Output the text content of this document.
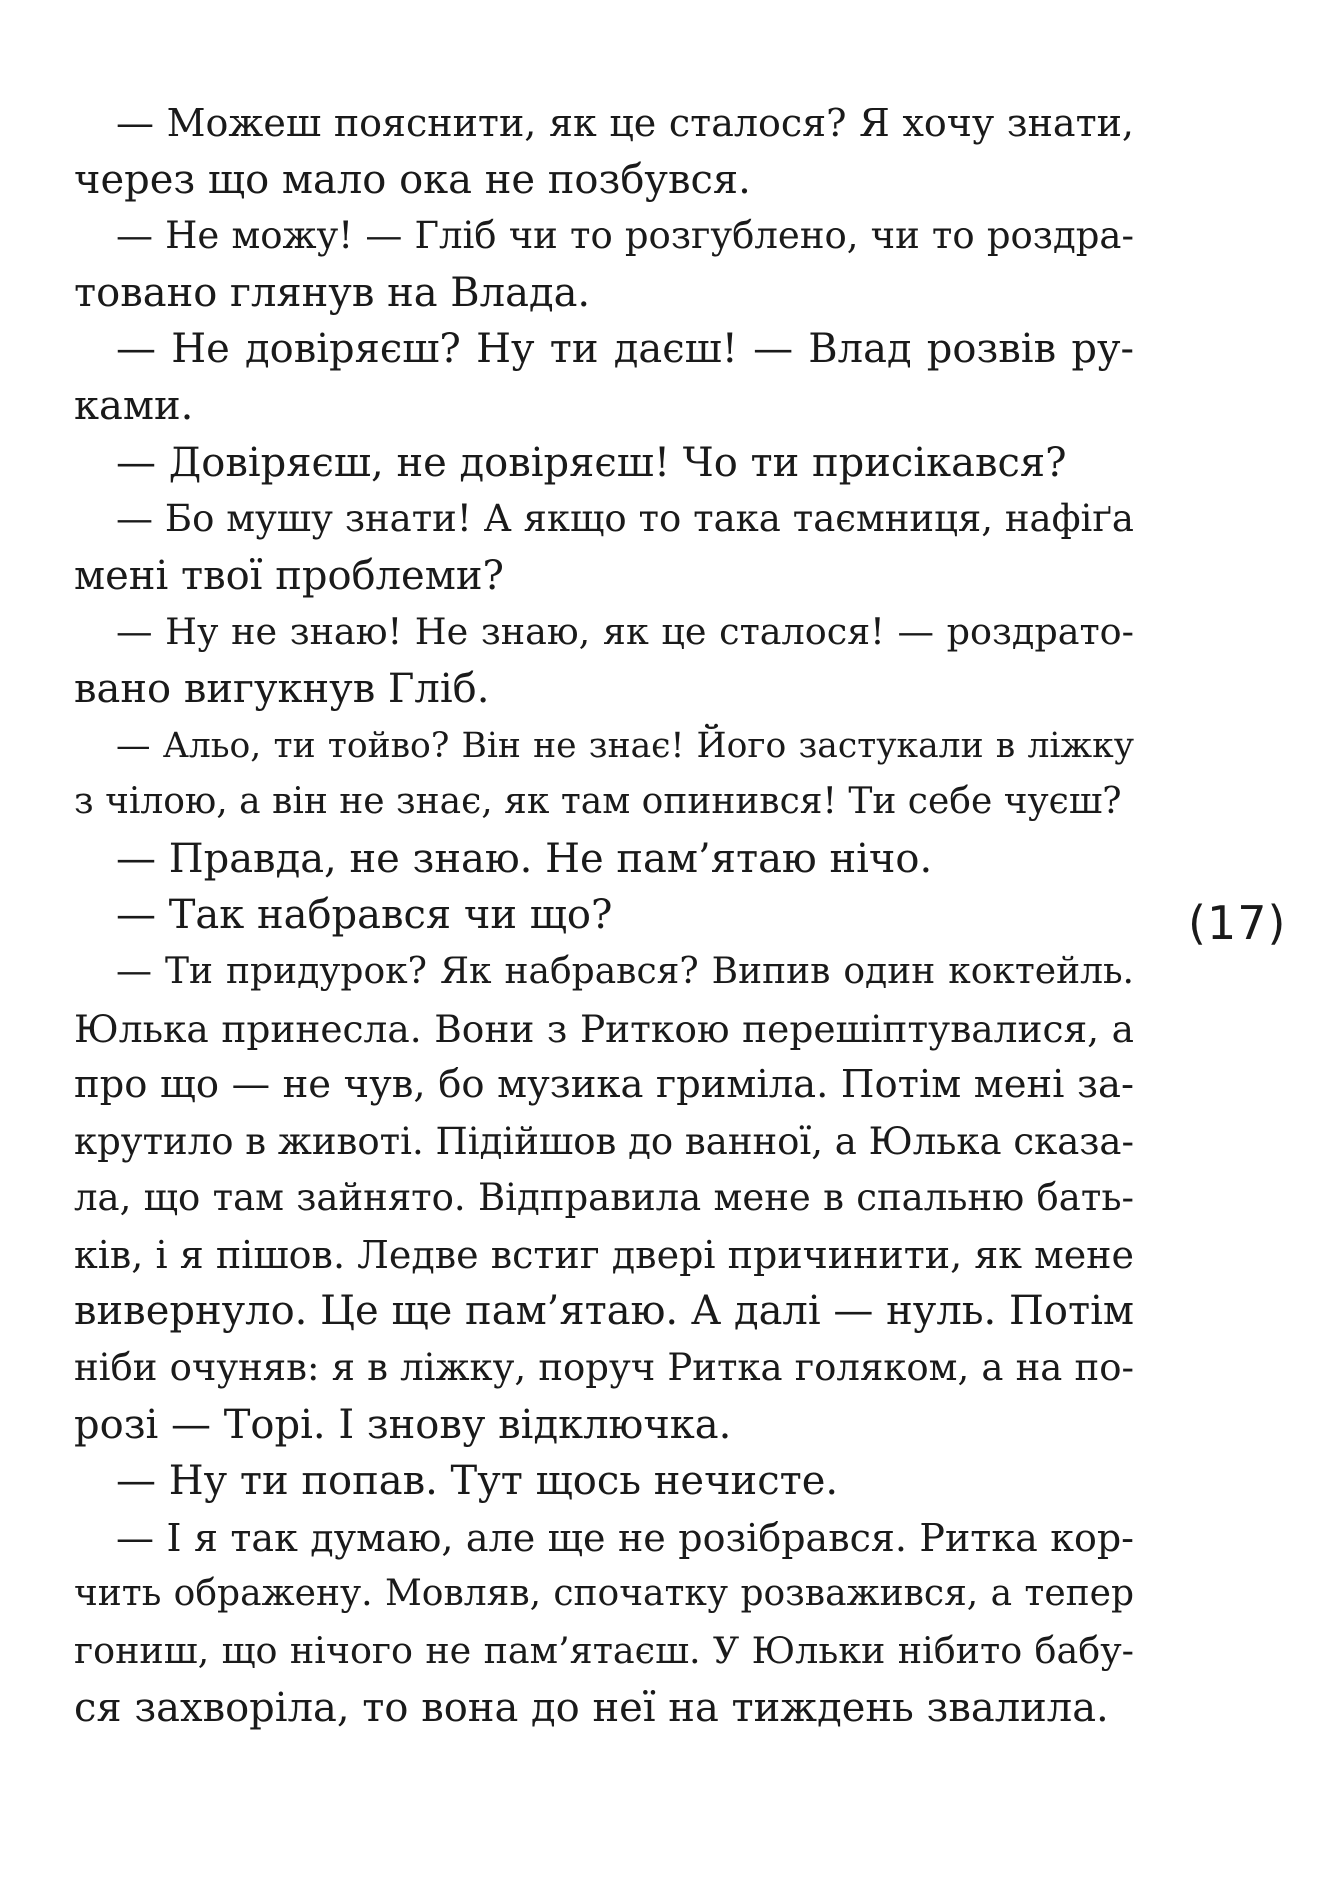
— Можеш пояснити, як це сталося? Я хочу знати,
через що мало ока не позбувся.
— Не можу! — Гліб чи то розгублено, чи то роздра-
товано глянув на Влада.
— Не довіряєш? Ну ти даєш! — Влад розвів ру-
ками.
— Довіряєш, не довіряєш! Чо ти присікався?
— Бо мушу знати! А якщо то така таємниця, нафіґа
мені твої проблеми?
— Ну не знаю! Не знаю, як це сталося! — роздрато-
вано вигукнув Гліб.
— Альо, ти тойво? Він не знає! Його застукали в ліжку
з чілою, а він не знає, як там опинився! Ти себе чуєш?
— Правда, не знаю. Не пам’ятаю нічо.
— Так набрався чи що?
— Ти придурок? Як набрався? Випив один коктейль.
Юлька принесла. Вони з Риткою перешіптувалися, а
про що — не чув, бо музика гриміла. Потім мені за-
крутило в животі. Підійшов до ванної, а Юлька сказа-
ла, що там зайнято. Відправила мене в спальню бать-
ків, і я пішов. Ледве встиг двері причинити, як мене
вивернуло. Це ще пам’ятаю. А далі — нуль. Потім
ніби очуняв: я в ліжку, поруч Ритка голяком, а на по-
розі — Торі. І знову відключка.
— Ну ти попав. Тут щось нечисте.
— І я так думаю, але ще не розібрався. Ритка кор-
чить ображену. Мовляв, спочатку розважився, а тепер
гониш, що нічого не пам’ятаєш. У Юльки нібито бабу-
ся захворіла, то вона до неї на тиждень звалила.
(17)
